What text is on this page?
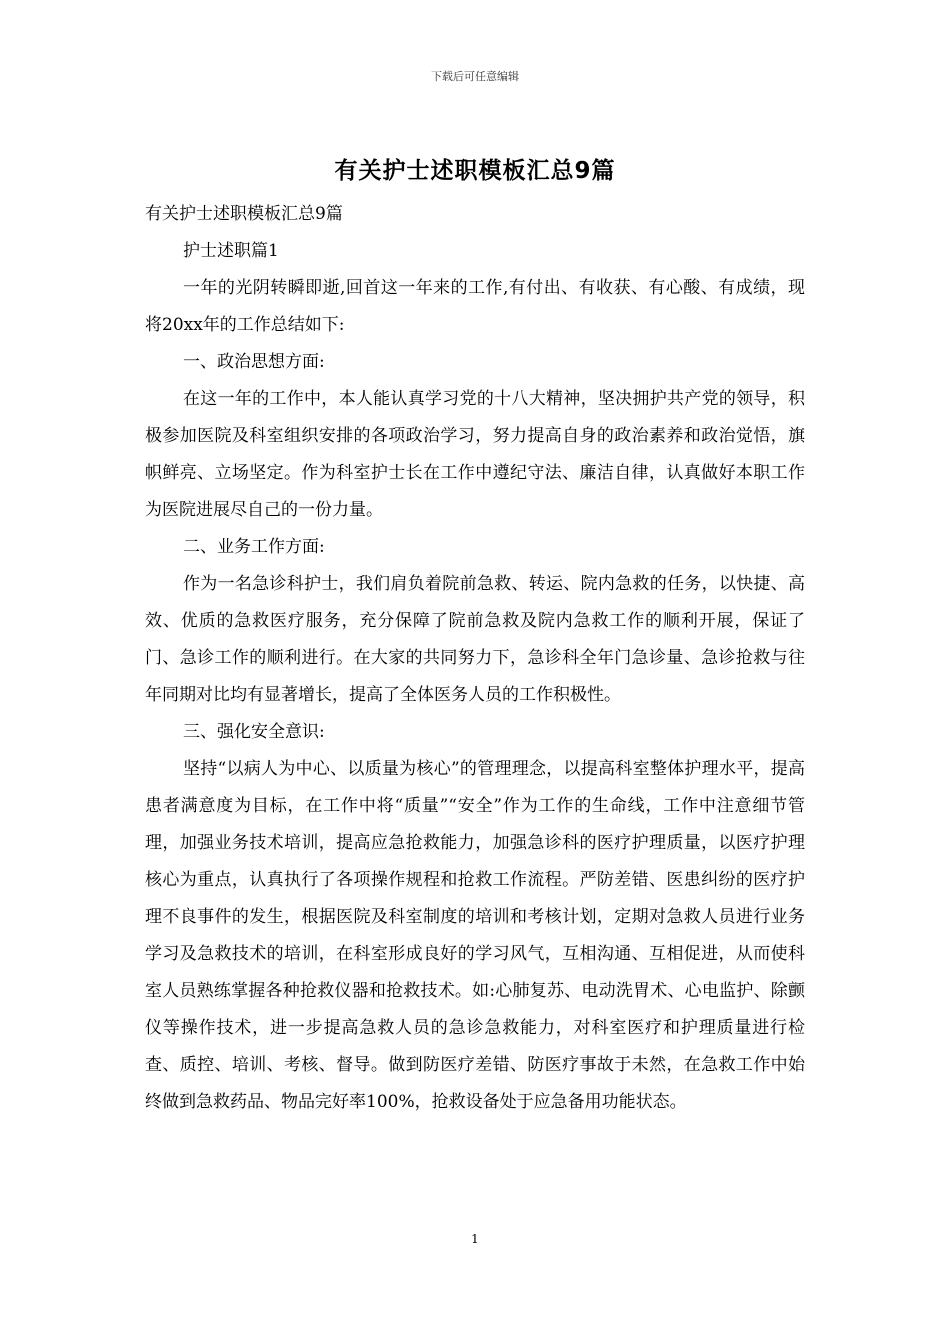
下载后可任意编辑
有关护士述职模板汇总9篇

有关护士述职模板汇总9篇

护士述职篇1

一年的光阴转瞬即逝,回首这一年来的工作,有付出、有收获、有心酸、有成绩，现将20xx年的工作总结如下:

一、政治思想方面:

在这一年的工作中，本人能认真学习党的十八大精神，坚决拥护共产党的领导，积极参加医院及科室组织安排的各项政治学习，努力提高自身的政治素养和政治觉悟，旗帜鲜亮、立场坚定。作为科室护士长在工作中遵纪守法、廉洁自律，认真做好本职工作为医院进展尽自己的一份力量。

二、业务工作方面:

作为一名急诊科护士，我们肩负着院前急救、转运、院内急救的任务，以快捷、高效、优质的急救医疗服务，充分保障了院前急救及院内急救工作的顺利开展，保证了门、急诊工作的顺利进行。在大家的共同努力下，急诊科全年门急诊量、急诊抢救与往年同期对比均有显著增长，提高了全体医务人员的工作积极性。

三、强化安全意识:

坚持“以病人为中心、以质量为核心”的管理理念，以提高科室整体护理水平，提高患者满意度为目标，在工作中将“质量”“安全”作为工作的生命线，工作中注意细节管理，加强业务技术培训，提高应急抢救能力，加强急诊科的医疗护理质量，以医疗护理核心为重点，认真执行了各项操作规程和抢救工作流程。严防差错、医患纠纷的医疗护理不良事件的发生，根据医院及科室制度的培训和考核计划，定期对急救人员进行业务学习及急救技术的培训，在科室形成良好的学习风气，互相沟通、互相促进，从而使科室人员熟练掌握各种抢救仪器和抢救技术。如:心肺复苏、电动洗胃术、心电监护、除颤仪等操作技术，进一步提高急救人员的急诊急救能力，对科室医疗和护理质量进行检查、质控、培训、考核、督导。做到防医疗差错、防医疗事故于未然，在急救工作中始终做到急救药品、物品完好率100%，抢救设备处于应急备用功能状态。

1
